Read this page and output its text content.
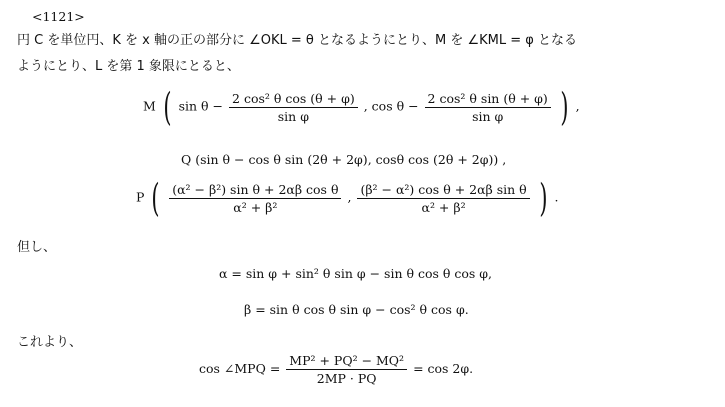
<1121>
円 C を単位円、K を x 軸の正の部分に ∠OKL = θ となるようにとり、M を ∠KML = φ となる
ようにとり、L を第 1 象限にとると、
M ( $\sin \theta - \frac{\text{2 cos² θ cos (θ + φ)}}{\text{sin φ}}$ , $\cos \theta - \frac{\text{2 cos² θ sin (θ + φ)}}{\text{sin φ}}$ ) ,
Q (sin θ − cos θ sin (2θ + 2φ), cosθ cos (2θ + 2φ)) ,
P ( $\frac{\text{(α² − β²) sin θ + 2αβ cos θ}}{\text{α² + β²}}$ , $\frac{\text{(β² − α²) cos θ + 2αβ sin θ}}{\text{α² + β²}}$ ) .
但し、
α = sin φ + sin² θ sin φ − sin θ cos θ cos φ,
β = sin θ cos θ sin φ − cos² θ cos φ.
これより、
cos ∠MPQ = $\frac{\text{MP² + PQ² − MQ²}}{2MP \cdot PQ} = \cos 2\varphi$.
